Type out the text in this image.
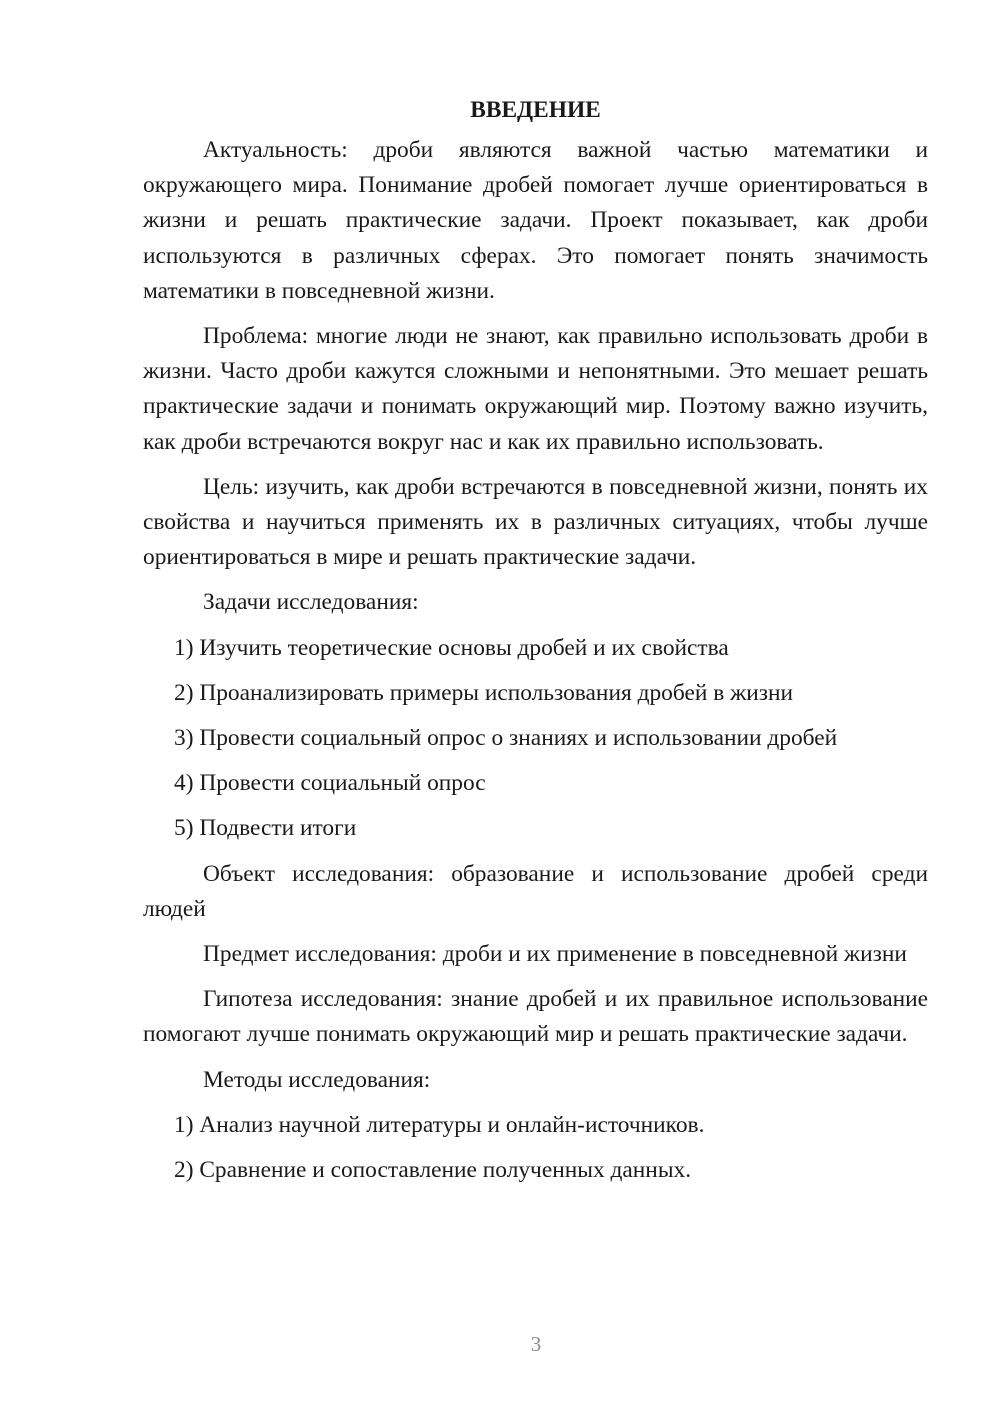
ВВЕДЕНИЕ

Актуальность: дроби являются важной частью математики и окружающего мира. Понимание дробей помогает лучше ориентироваться в жизни и решать практические задачи. Проект показывает, как дроби используются в различных сферах. Это помогает понять значимость математики в повседневной жизни.

Проблема: многие люди не знают, как правильно использовать дроби в жизни. Часто дроби кажутся сложными и непонятными. Это мешает решать практические задачи и понимать окружающий мир. Поэтому важно изучить, как дроби встречаются вокруг нас и как их правильно использовать.

Цель: изучить, как дроби встречаются в повседневной жизни, понять их свойства и научиться применять их в различных ситуациях, чтобы лучше ориентироваться в мире и решать практические задачи.

Задачи исследования:

1) Изучить теоретические основы дробей и их свойства
2) Проанализировать примеры использования дробей в жизни
3) Провести социальный опрос о знаниях и использовании дробей
4) Провести социальный опрос
5) Подвести итоги

Объект исследования: образование и использование дробей среди людей

Предмет исследования: дроби и их применение в повседневной жизни

Гипотеза исследования: знание дробей и их правильное использование помогают лучше понимать окружающий мир и решать практические задачи.

Методы исследования:

1) Анализ научной литературы и онлайн-источников.
2) Сравнение и сопоставление полученных данных.
3
